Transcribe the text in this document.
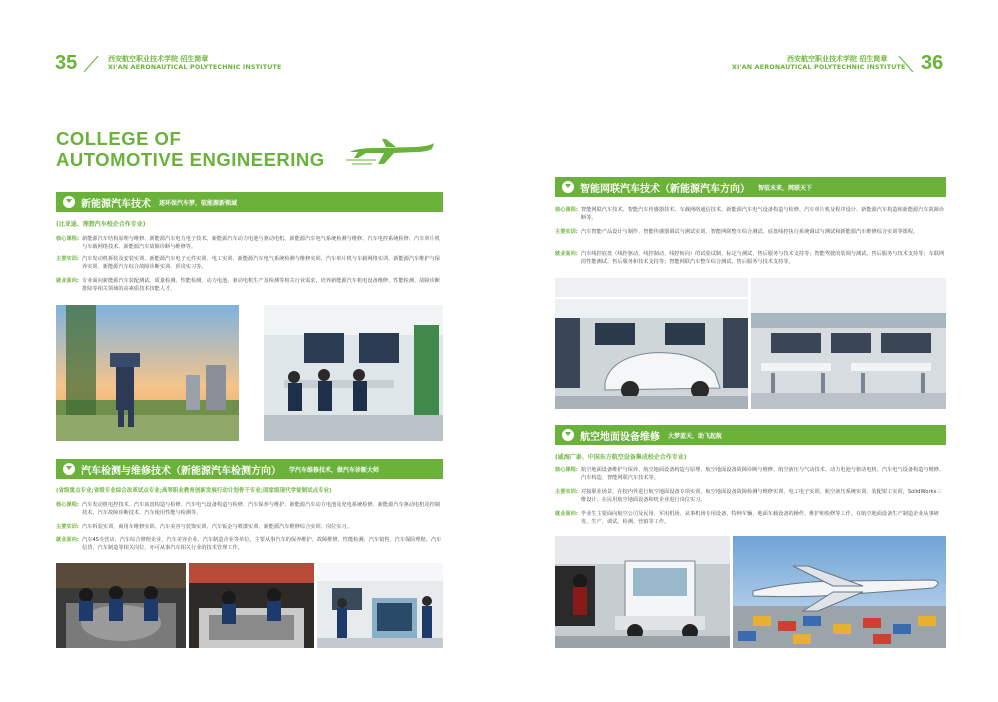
35	西安航空职业技术学院 招生简章
XI'AN AERONAUTICAL POLYTECHNIC INSTITUTE
COLLEGE OF
AUTOMOTIVE ENGINEERING
新能源汽车技术 逐环保汽车梦，驭能源新领域
(比亚迪、理想汽车校企合作专业)
核心课程: 新能源汽车结构原理与维修、新能源汽车电力电子技术、新能源汽车动力电池与驱动电机、新能源汽车电气系统检测与维修、汽车电控系统检修、汽车单片机与车载网络技术、新能源汽车故障诊断与维修等。
主要实训: 汽车发动机拆装及安装实训、新能源汽车电子元件实训、电工实训、新能源汽车电气系统检测与维修实训、汽车单片机与车载网络实训、新能源汽车维护与保养实训、新能源汽车综合故障诊断实训、顶岗实习等。
就业面向: 专业面向新能源汽车装配测试、质量检测、性能检测、动力电池、驱动电机生产及检测等相关行业需求，培养新能源汽车机电设备维修、性能检测、故障诊断排除等相关领域的高素质技术技能人才。
汽车检测与维修技术（新能源汽车检测方向） 学汽车维修技术，做汽车诊断大师
(省级重点专业;省级专业综合改革试点专业;高等职业教育创新发展行动计划骨干专业;国家级现代学徒制试点专业)
核心课程: 汽车发动机电控技术、汽车底盘构造与检修、汽车电气设备构造与检修、汽车保养与维护、新能源汽车动力电池及充电系统检修、新能源汽车驱动电机及控制技术、汽车故障诊断技术、汽车使用性能与检测等。
主要实训: 汽车拆装实训、商用车维修实训、汽车美容与装饰实训、汽车钣金与喷漆实训、新能源汽车维修综合实训、岗位实习。
就业面向: 汽车4S专营店、汽车综合修理企业、汽车美容企业、汽车制造企业等单位，主要从事汽车的保养维护、故障维修、性能检测、汽车销售、汽车保险理赔、汽车信贷、汽车制造等相关岗位，亦可从事汽车相关行业的技术管理工作。
西安航空职业技术学院 招生简章
XI'AN AERONAUTICAL POLYTECHNIC INSTITUTE 36
智能网联汽车技术（新能源汽车方向） 智驭未来，网联天下
核心课程: 智能网联汽车技术、智能汽车传感器技术、车载网络通信技术、新能源汽车电气设备构造与检修、汽车单片机及程序设计、新能源汽车构造和新能源汽车故障诊断等。
主要实训: 汽车智能产品设计与制作、智能传感器调试与测试实训、智能网联整车综合测试、底盘线控执行系统调试与测试和新能源汽车维修综合实训等课程。
就业面向: 汽车线控底盘（线控驱动、线控制动、线控转向）的试验试制、标定与测试、售后服务与技术支持等；智能驾驶的装调与测试、售后服务与技术支持等；车联网的性能测试、售后服务和技术支持等；智能网联汽车整车综合测试、售后服务与技术支持等。
航空地面设备维修 大梦蓝天，助飞起航
(威海广泰、中国东方航空设备集成校企合作专业)
核心课程: 航空地面设备维护与保养、航空地面设备构造与原理、航空地面设备故障诊断与维修、航空液压与气动技术、动力电池与驱动电机、汽车电气设备构造与维修、汽车构造、智能网联汽车技术等。
主要实训: 对接职业场景，在校内外进行航空地面设备专项实训，航空地面设备故障检测与维修实训，电工电子实训、航空液压系统实训、装配钳工实训，SolidWorks三维设计、在民用航空地面设备和机企业进行岗位实习。
就业面向: 毕业生主要面向航空公司及民用、军用机场、从事机场专用设备、特种车辆、地面车载设备的操作、维护和检修等工作。在航空地面设备生产制造企业从事研发、生产、调试、检测、营销等工作。
